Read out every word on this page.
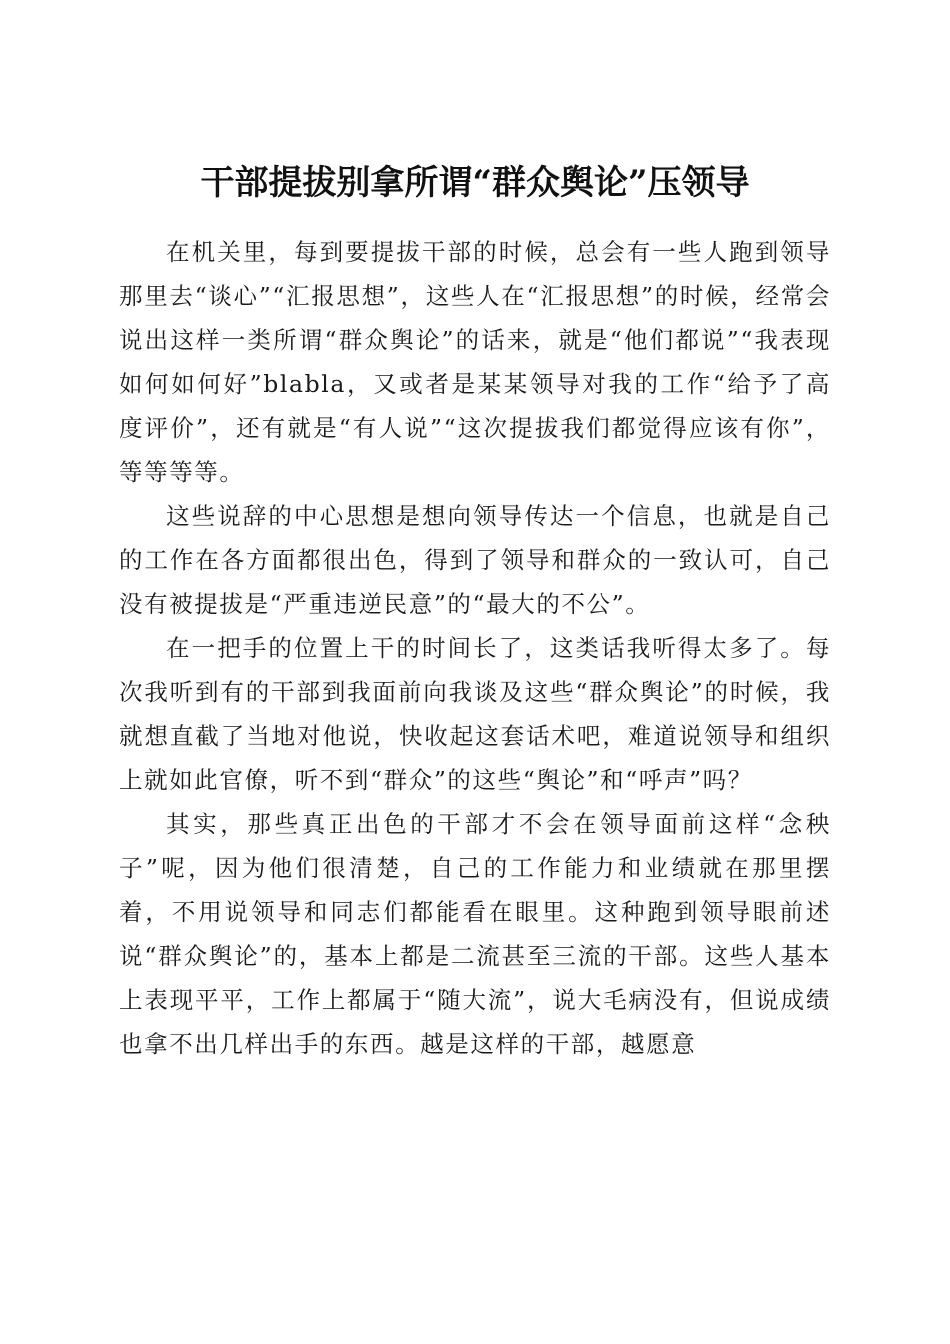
干部提拔别拿所谓“群众舆论”压领导

在机关里，每到要提拔干部的时候，总会有一些人跑到领导那里去“谈心”“汇报思想”，这些人在“汇报思想”的时候，经常会说出这样一类所谓“群众舆论”的话来，就是“他们都说”“我表现如何如何好”blabla，又或者是某某领导对我的工作“给予了高度评价”，还有就是“有人说”“这次提拔我们都觉得应该有你”，等等等等。

这些说辞的中心思想是想向领导传达一个信息，也就是自己的工作在各方面都很出色，得到了领导和群众的一致认可，自己没有被提拔是“严重违逆民意”的“最大的不公”。

在一把手的位置上干的时间长了，这类话我听得太多了。每次我听到有的干部到我面前向我谈及这些“群众舆论”的时候，我就想直截了当地对他说，快收起这套话术吧，难道说领导和组织上就如此官僚，听不到“群众”的这些“舆论”和“呼声”吗？

其实，那些真正出色的干部才不会在领导面前这样“念秧子”呢，因为他们很清楚，自己的工作能力和业绩就在那里摆着，不用说领导和同志们都能看在眼里。这种跑到领导眼前述说“群众舆论”的，基本上都是二流甚至三流的干部。这些人基本上表现平平，工作上都属于“随大流”，说大毛病没有，但说成绩也拿不出几样出手的东西。越是这样的干部，越愿意
